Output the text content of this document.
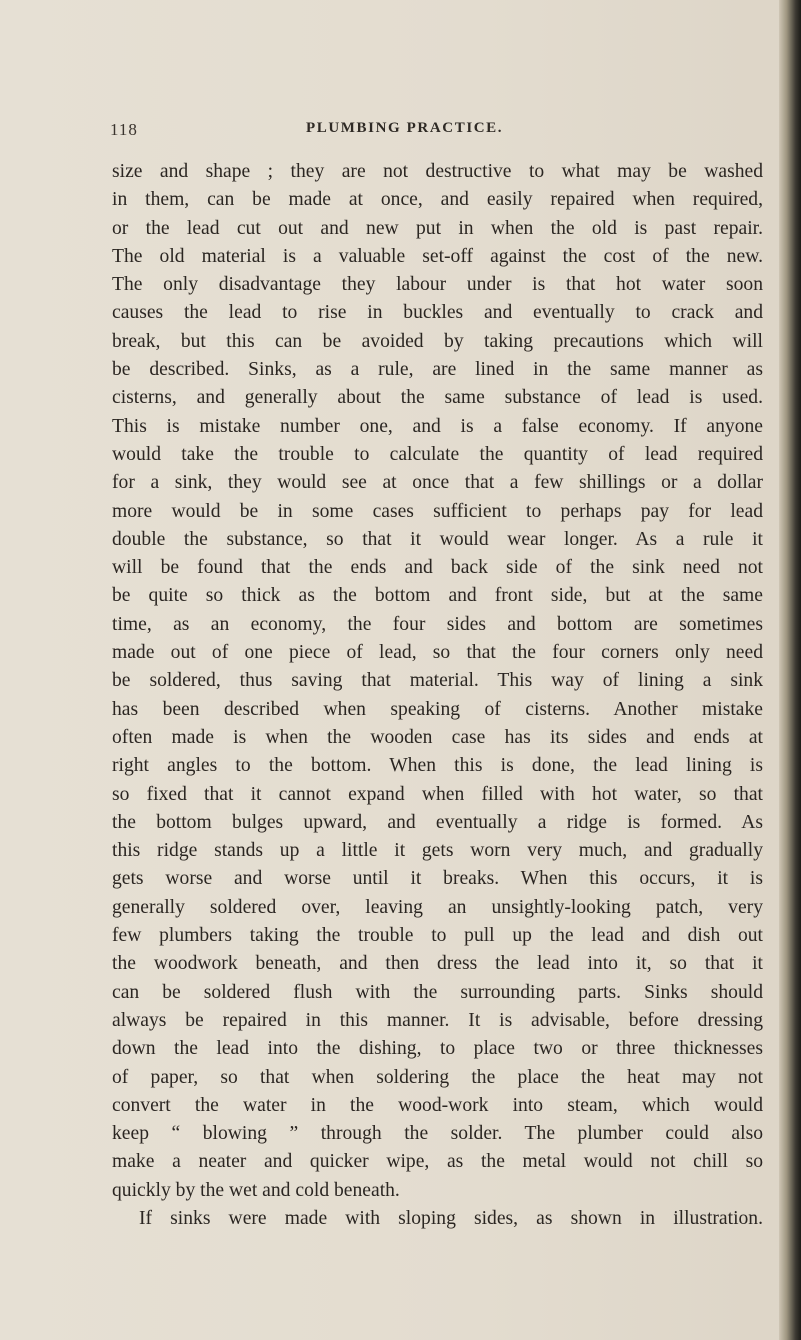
118	PLUMBING PRACTICE.
size and shape ; they are not destructive to what may be washed
in them, can be made at once, and easily repaired when required,
or the lead cut out and new put in when the old is past repair.
The old material is a valuable set-off against the cost of the new.
The only disadvantage they labour under is that hot water soon
causes the lead to rise in buckles and eventually to crack and
break, but this can be avoided by taking precautions which will
be described. Sinks, as a rule, are lined in the same manner as
cisterns, and generally about the same substance of lead is used.
This is mistake number one, and is a false economy. If anyone
would take the trouble to calculate the quantity of lead required
for a sink, they would see at once that a few shillings or a dollar
more would be in some cases sufficient to perhaps pay for lead
double the substance, so that it would wear longer. As a rule it
will be found that the ends and back side of the sink need not
be quite so thick as the bottom and front side, but at the same
time, as an economy, the four sides and bottom are sometimes
made out of one piece of lead, so that the four corners only need
be soldered, thus saving that material. This way of lining a sink
has been described when speaking of cisterns. Another mistake
often made is when the wooden case has its sides and ends at
right angles to the bottom. When this is done, the lead lining is
so fixed that it cannot expand when filled with hot water, so that
the bottom bulges upward, and eventually a ridge is formed. As
this ridge stands up a little it gets worn very much, and gradually
gets worse and worse until it breaks. When this occurs, it is
generally soldered over, leaving an unsightly-looking patch, very
few plumbers taking the trouble to pull up the lead and dish out
the woodwork beneath, and then dress the lead into it, so that it
can be soldered flush with the surrounding parts. Sinks should
always be repaired in this manner. It is advisable, before dressing
down the lead into the dishing, to place two or three thicknesses
of paper, so that when soldering the place the heat may not
convert the water in the wood-work into steam, which would
keep “ blowing ” through the solder. The plumber could also
make a neater and quicker wipe, as the metal would not chill so
quickly by the wet and cold beneath.
If sinks were made with sloping sides, as shown in illustration.
